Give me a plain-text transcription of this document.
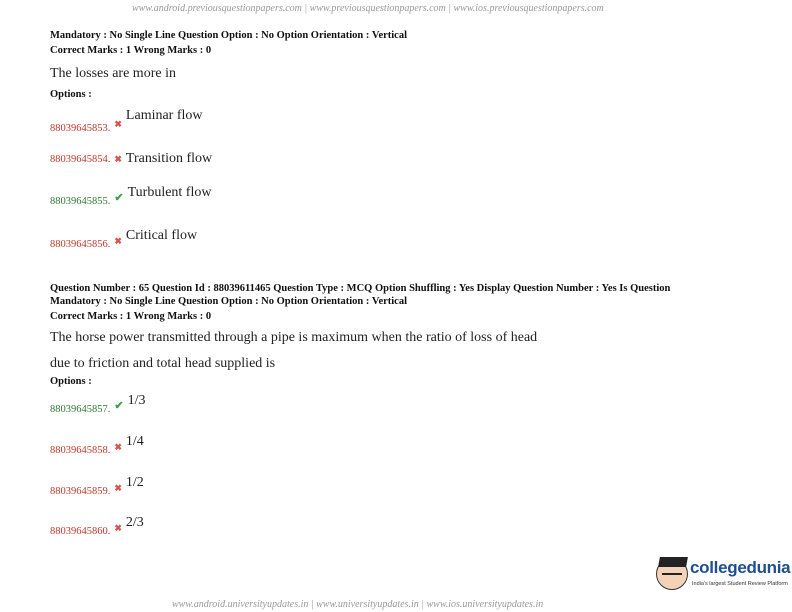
www.android.previousquestionpapers.com | www.previousquestionpapers.com | www.ios.previousquestionpapers.com
Mandatory : No Single Line Question Option : No Option Orientation : Vertical
Correct Marks : 1 Wrong Marks : 0
The losses are more in
Options :
$_{88039645853.}$ ✖ Laminar flow
88039645854. ✖ Transition flow
$_{88039645855.}$ ✔ Turbulent flow
$_{88039645856.}$ ✖ Critical flow
Question Number : 65 Question Id : 88039611465 Question Type : MCQ Option Shuffling : Yes Display Question Number : Yes Is Question
Mandatory : No Single Line Question Option : No Option Orientation : Vertical
Correct Marks : 1 Wrong Marks : 0
The horse power transmitted through a pipe is maximum when the ratio of loss of head
due to friction and total head supplied is
Options :
$_{88039645857.}$ ✔ 1/3
$_{88039645858.}$ ✖ 1/4
$_{88039645859.}$ ✖ 1/2
$_{88039645860.}$ ✖ 2/3
collegedunia
India's largest Student Review Platform
www.android.universityupdates.in | www.universityupdates.in | www.ios.universityupdates.in
